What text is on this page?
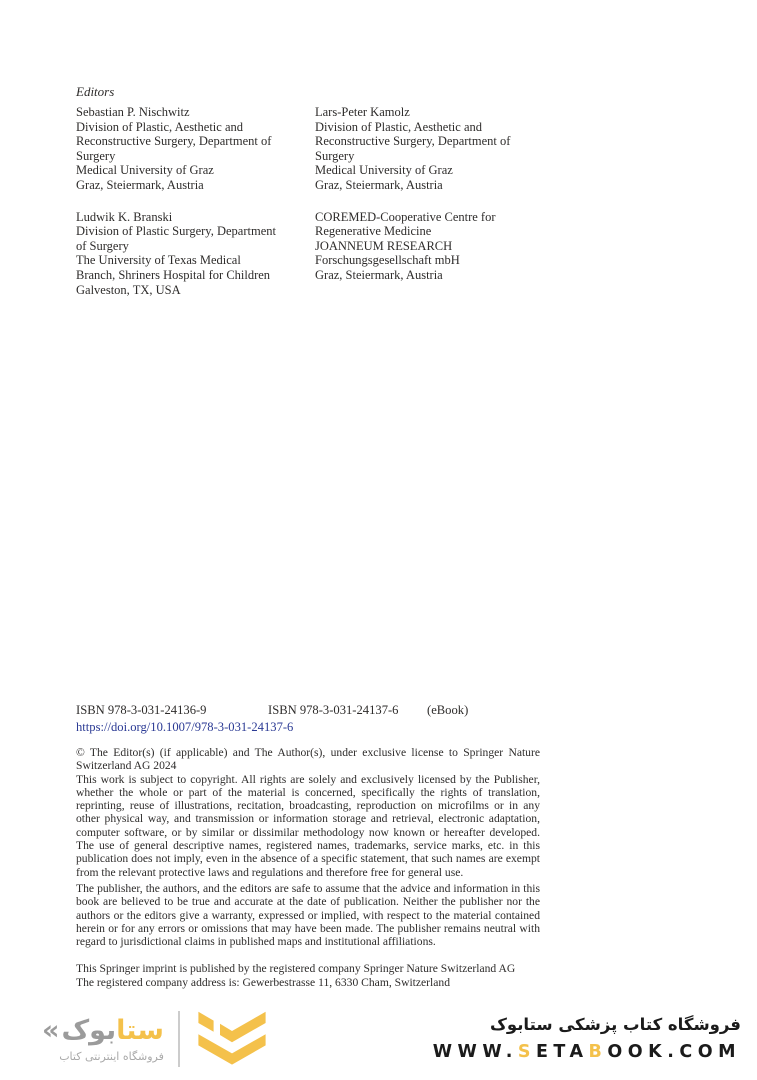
Editors
Sebastian P. Nischwitz
Division of Plastic, Aesthetic and
Reconstructive Surgery, Department of
Surgery
Medical University of Graz
Graz, Steiermark, Austria
Lars-Peter Kamolz
Division of Plastic, Aesthetic and
Reconstructive Surgery, Department of
Surgery
Medical University of Graz
Graz, Steiermark, Austria
Ludwik K. Branski
Division of Plastic Surgery, Department
of Surgery
The University of Texas Medical
Branch, Shriners Hospital for Children
Galveston, TX, USA
COREMED-Cooperative Centre for
Regenerative Medicine
JOANNEUM RESEARCH
Forschungsgesellschaft mbH
Graz, Steiermark, Austria
ISBN 978-3-031-24136-9	ISBN 978-3-031-24137-6 (eBook)
https://doi.org/10.1007/978-3-031-24137-6

© The Editor(s) (if applicable) and The Author(s), under exclusive license to Springer Nature Switzerland AG 2024

This work is subject to copyright. All rights are solely and exclusively licensed by the Publisher, whether the whole or part of the material is concerned, specifically the rights of translation, reprinting, reuse of illustrations, recitation, broadcasting, reproduction on microfilms or in any other physical way, and transmission or information storage and retrieval, electronic adaptation, computer software, or by similar or dissimilar methodology now known or hereafter developed. The use of general descriptive names, registered names, trademarks, service marks, etc. in this publication does not imply, even in the absence of a specific statement, that such names are exempt from the relevant protective laws and regulations and therefore free for general use.

The publisher, the authors, and the editors are safe to assume that the advice and information in this book are believed to be true and accurate at the date of publication. Neither the publisher nor the authors or the editors give a warranty, expressed or implied, with respect to the material contained herein or for any errors or omissions that may have been made. The publisher remains neutral with regard to jurisdictional claims in published maps and institutional affiliations.

This Springer imprint is published by the registered company Springer Nature Switzerland AG
The registered company address is: Gewerbestrasse 11, 6330 Cham, Switzerland
« ستابوک
فروشگاه اینترنتی کتاب
فروشگاه کتاب پزشکی ستابوک
WWW.SETABOOK.COM
